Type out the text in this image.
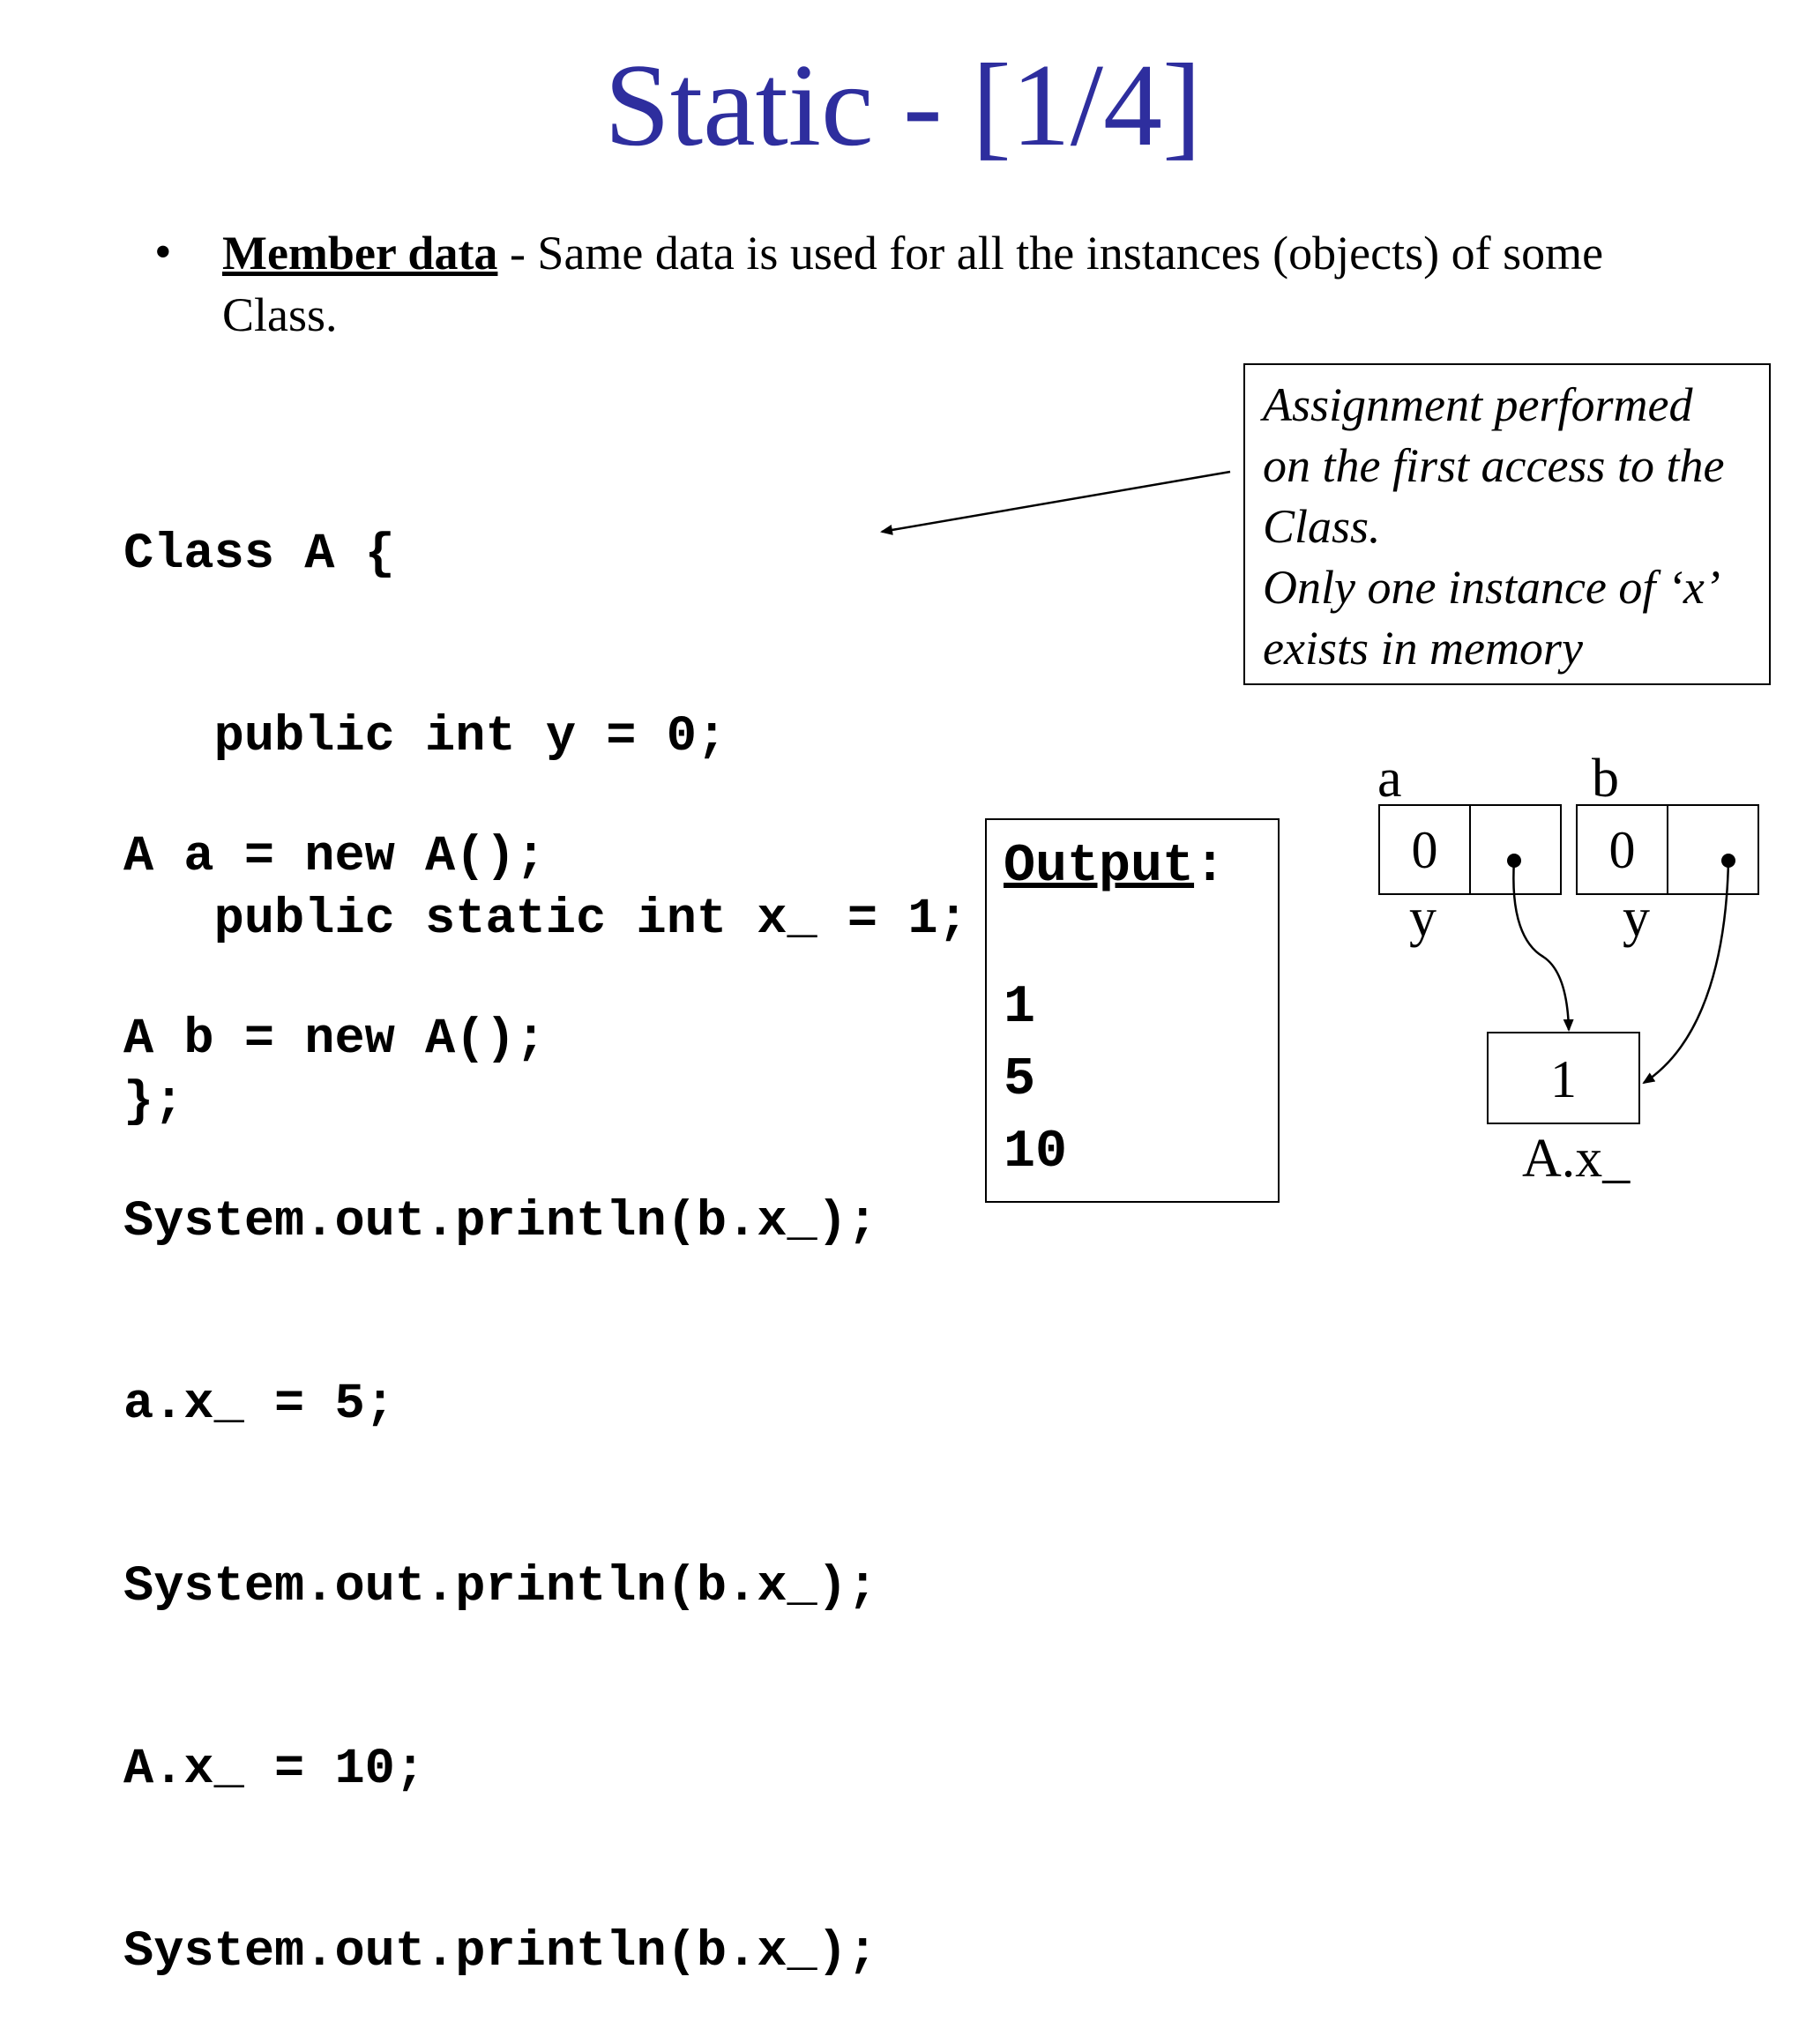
Static - [1/4]
• Member data - Same data is used for all the instances (objects) of some Class.

Class A {

public int y = 0;

public static int x_ = 1;

};

A a = new A();

A b = new A();

System.out.println(b.x_);

a.x_ = 5;

System.out.println(b.x_);

A.x_ = 10;

System.out.println(b.x_);

Assignment performed
on the first access to the
Class.
Only one instance of ‘x’
exists in memory
Output:
1
5
10
a
0
y
b
0
y
1
A.x_
